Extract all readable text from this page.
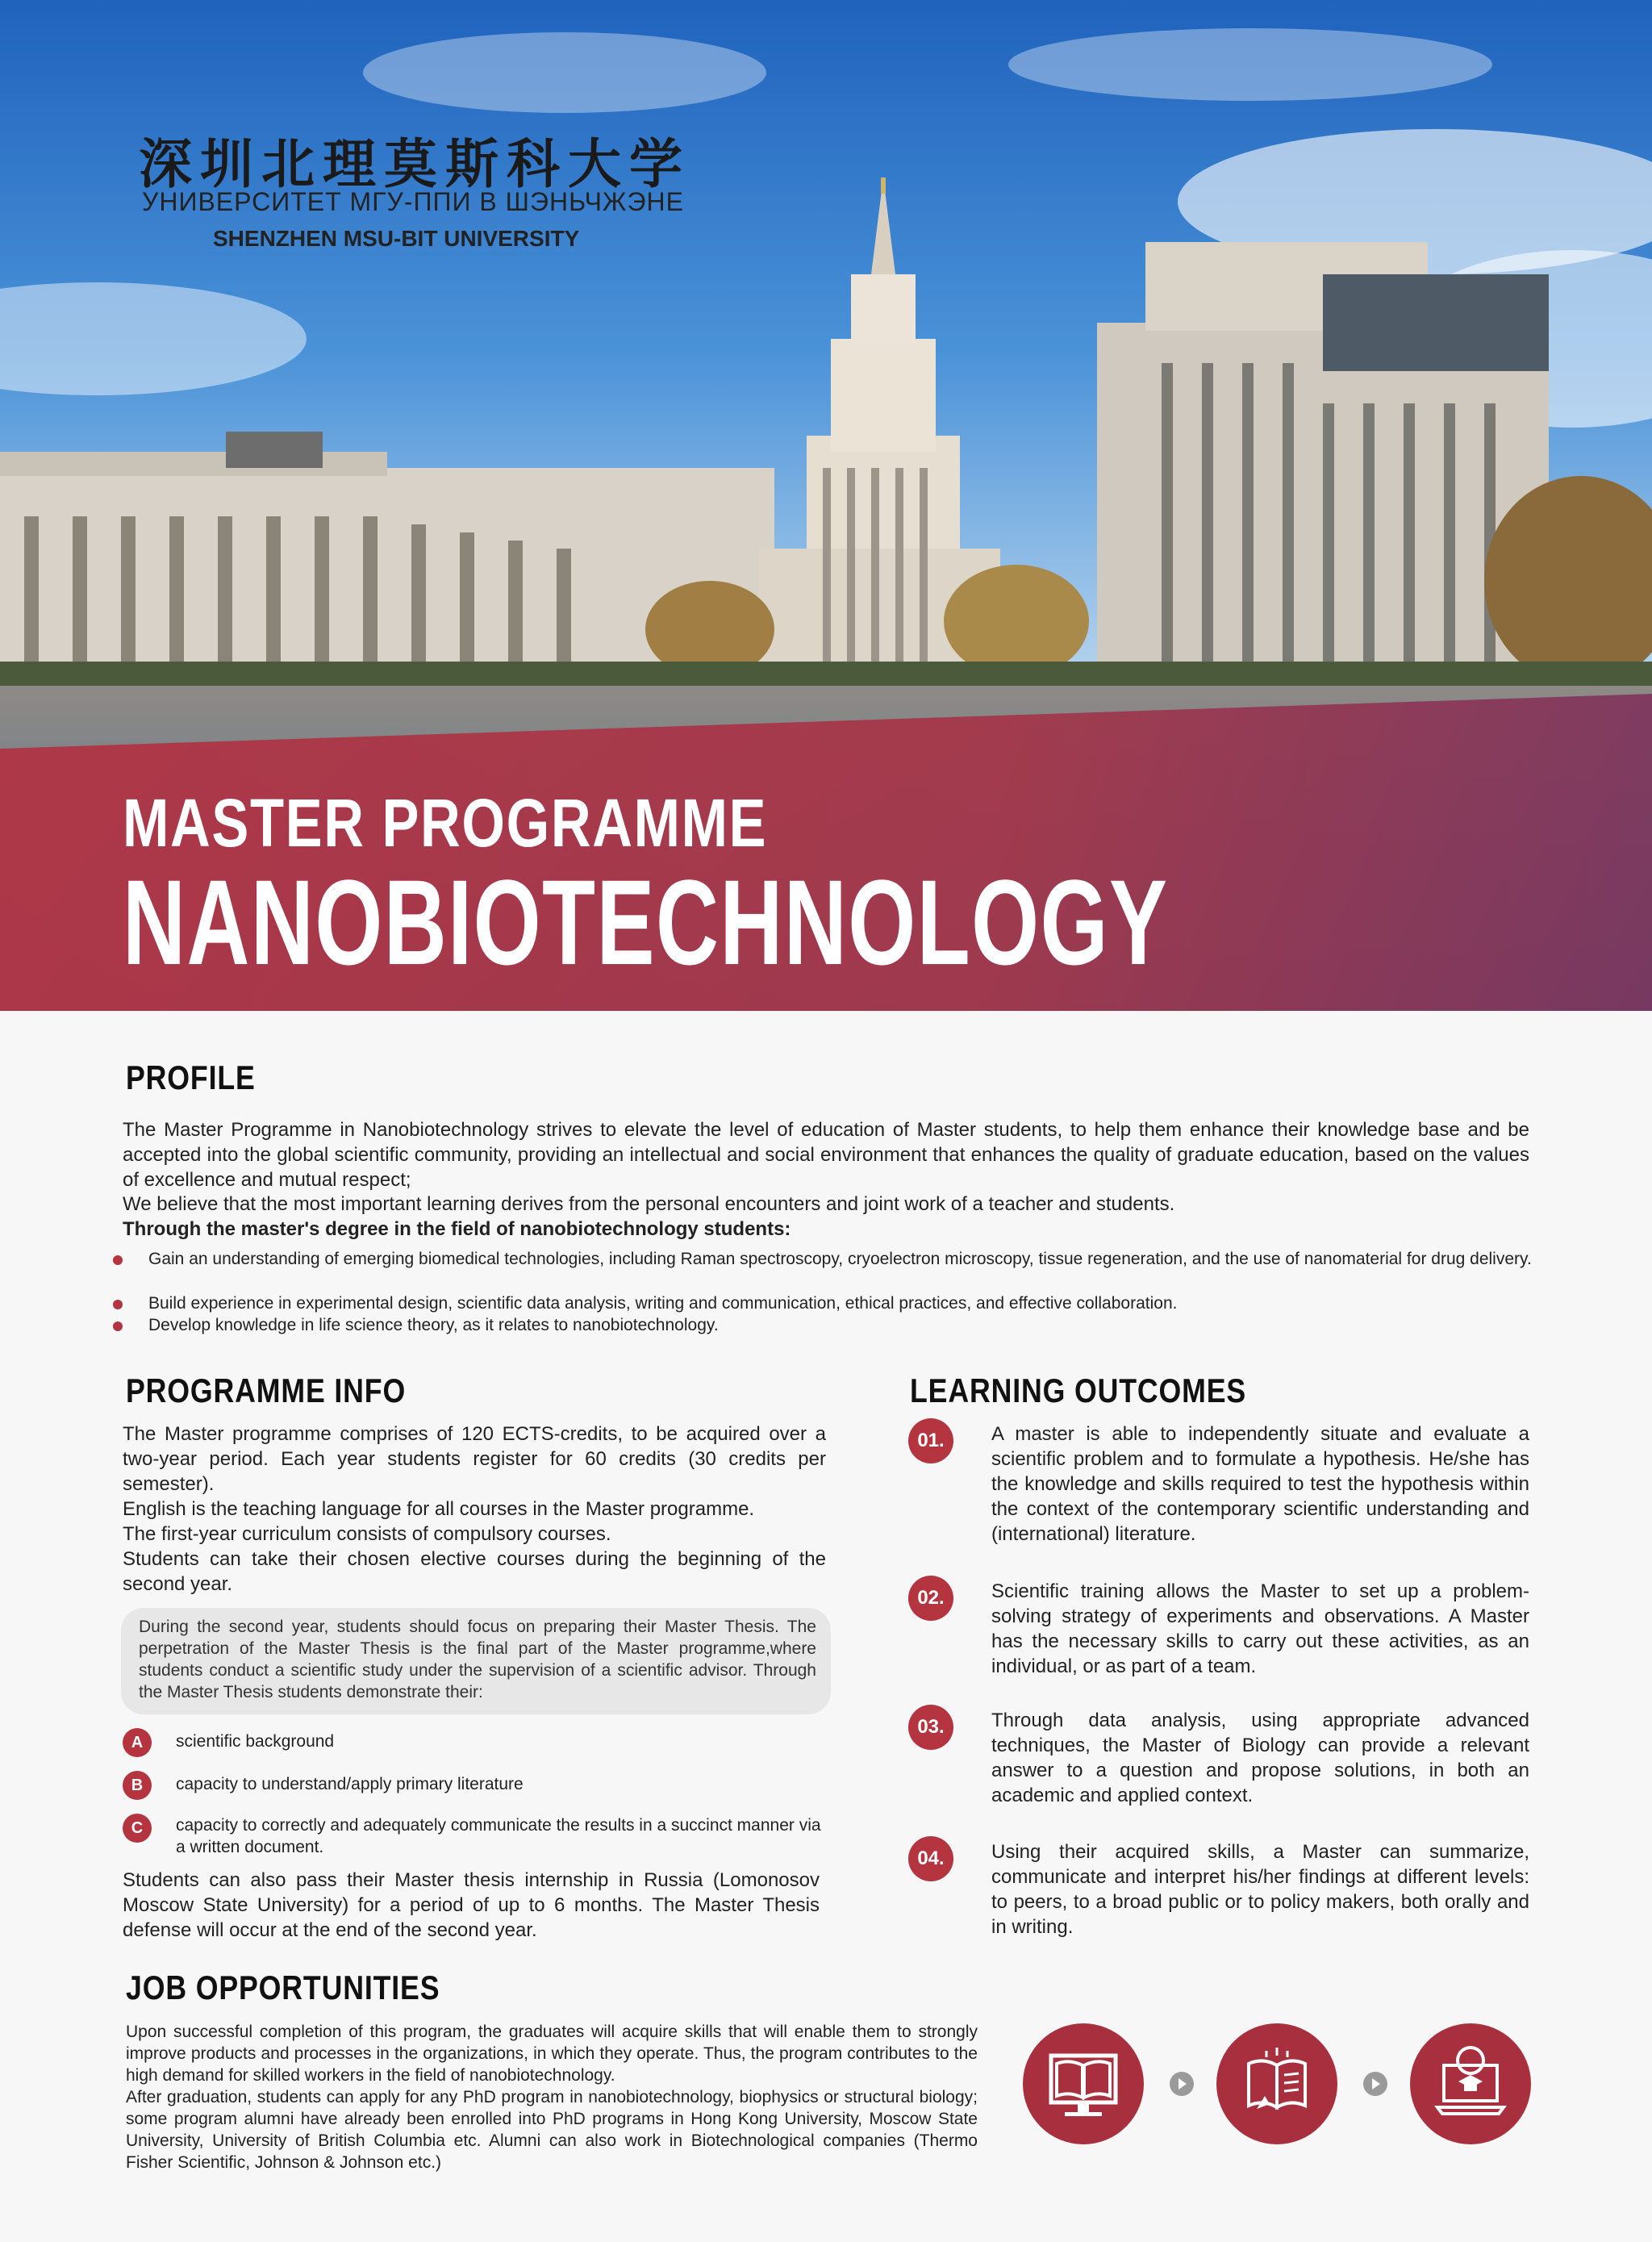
深圳北理莫斯科大学
УНИВЕРСИТЕТ МГУ-ППИ В ШЭНЬЧЖЭНЕ
SHENZHEN MSU-BIT UNIVERSITY
MASTER PROGRAMME
NANOBIOTECHNOLOGY
PROFILE
The Master Programme in Nanobiotechnology strives to elevate the level of education of Master students, to help them enhance their knowledge base and be accepted into the global scientific community, providing an intellectual and social environment that enhances the quality of graduate education, based on the values of excellence and mutual respect;
We believe that the most important learning derives from the personal encounters and joint work of a teacher and students.
Through the master's degree in the field of nanobiotechnology students:
Gain an understanding of emerging biomedical technologies, including Raman spectroscopy, cryoelectron microscopy, tissue regeneration, and the use of nanomaterial for drug delivery.
Build experience in experimental design, scientific data analysis, writing and communication, ethical practices, and effective collaboration.
Develop knowledge in life science theory, as it relates to nanobiotechnology.
PROGRAMME INFO
The Master programme comprises of 120 ECTS-credits, to be acquired over a two-year period. Each year students register for 60 credits (30 credits per semester).
English is the teaching language for all courses in the Master programme.
The first-year curriculum consists of compulsory courses.
Students can take their chosen elective courses during the beginning of the second year.
During the second year, students should focus on preparing their Master Thesis. The perpetration of the Master Thesis is the final part of the Master programme,where students conduct a scientific study under the supervision of a scientific advisor. Through the Master Thesis students demonstrate their:
A	scientific background
B	capacity to understand/apply primary literature
C	capacity to correctly and adequately communicate the results in a succinct manner via a written document.
Students can also pass their Master thesis internship in Russia (Lomonosov Moscow State University) for a period of up to 6 months. The Master Thesis defense will occur at the end of the second year.
LEARNING OUTCOMES
01.	A master is able to independently situate and evaluate a scientific problem and to formulate a hypothesis. He/she has the knowledge and skills required to test the hypothesis within the context of the contemporary scientific understanding and (international) literature.
02.	Scientific training allows the Master to set up a problem-solving strategy of experiments and observations. A Master has the necessary skills to carry out these activities, as an individual, or as part of a team.
03.	Through data analysis, using appropriate advanced techniques, the Master of Biology can provide a relevant answer to a question and propose solutions, in both an academic and applied context.
04.	Using their acquired skills, a Master can summarize, communicate and interpret his/her findings at different levels: to peers, to a broad public or to policy makers, both orally and in writing.
JOB OPPORTUNITIES
Upon successful completion of this program, the graduates will acquire skills that will enable them to strongly improve products and processes in the organizations, in which they operate. Thus, the program contributes to the high demand for skilled workers in the field of nanobiotechnology.
After graduation, students can apply for any PhD program in nanobiotechnology, biophysics or structural biology; some program alumni have already been enrolled into PhD programs in Hong Kong University, Moscow State University, University of British Columbia etc. Alumni can also work in Biotechnological companies (Thermo Fisher Scientific, Johnson & Johnson etc.)
